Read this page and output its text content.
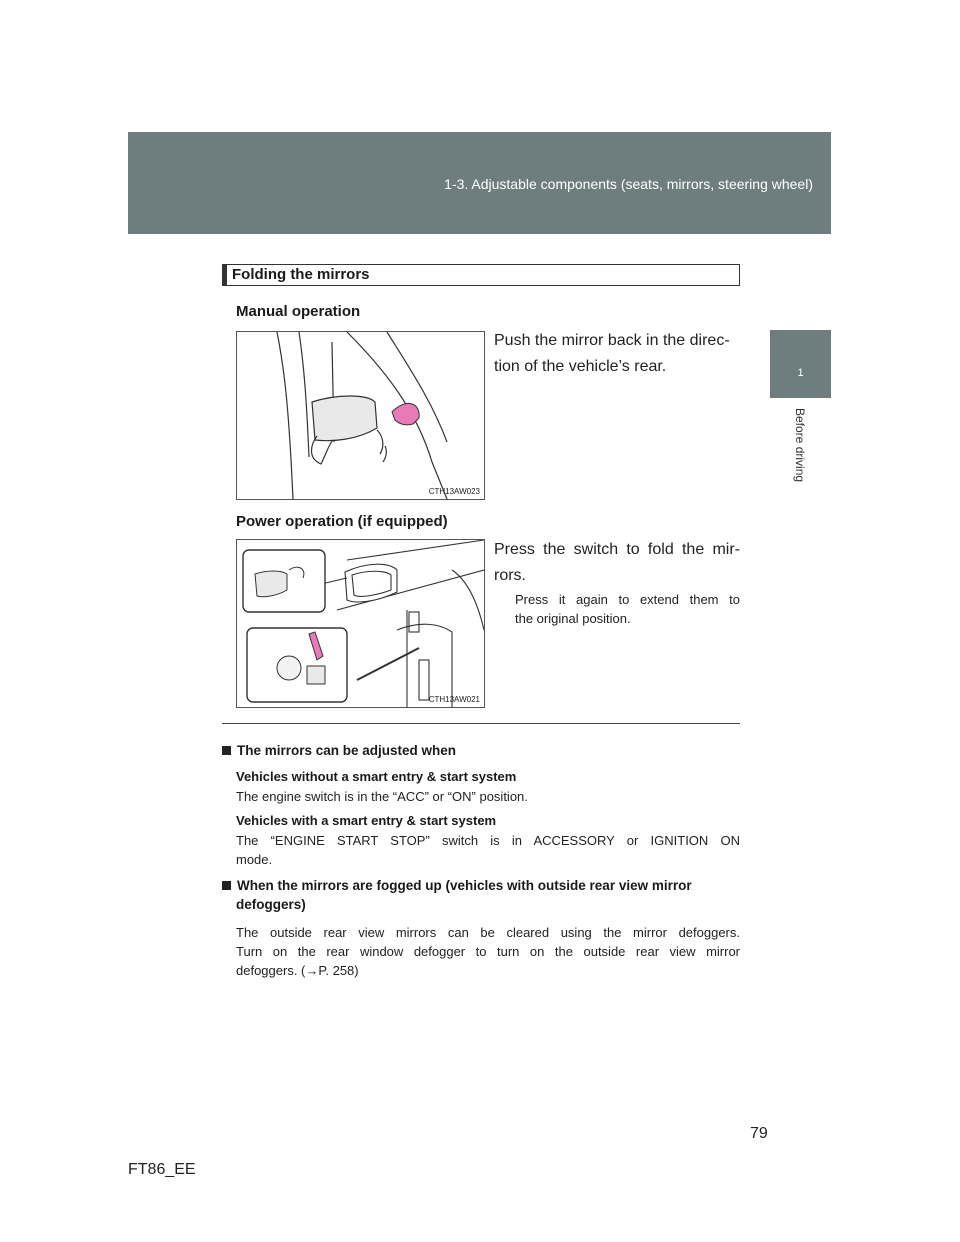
1-3. Adjustable components (seats, mirrors, steering wheel)
1
Before driving
Folding the mirrors
Manual operation
CTH13AW023
Push the mirror back in the direc-
tion of the vehicle’s rear.
Power operation (if equipped)
CTH13AW021
Press the switch to fold the mir-
rors.
Press it again to extend them to
the original position.
The mirrors can be adjusted when
Vehicles without a smart entry & start system
The engine switch is in the “ACC” or “ON” position.
Vehicles with a smart entry & start system
The “ENGINE START STOP” switch is in ACCESSORY or IGNITION ON
mode.
When the mirrors are fogged up (vehicles with outside rear view mirror
defoggers)
The outside rear view mirrors can be cleared using the mirror defoggers.
Turn on the rear window defogger to turn on the outside rear view mirror
defoggers. (→P. 258)
79
FT86_EE
